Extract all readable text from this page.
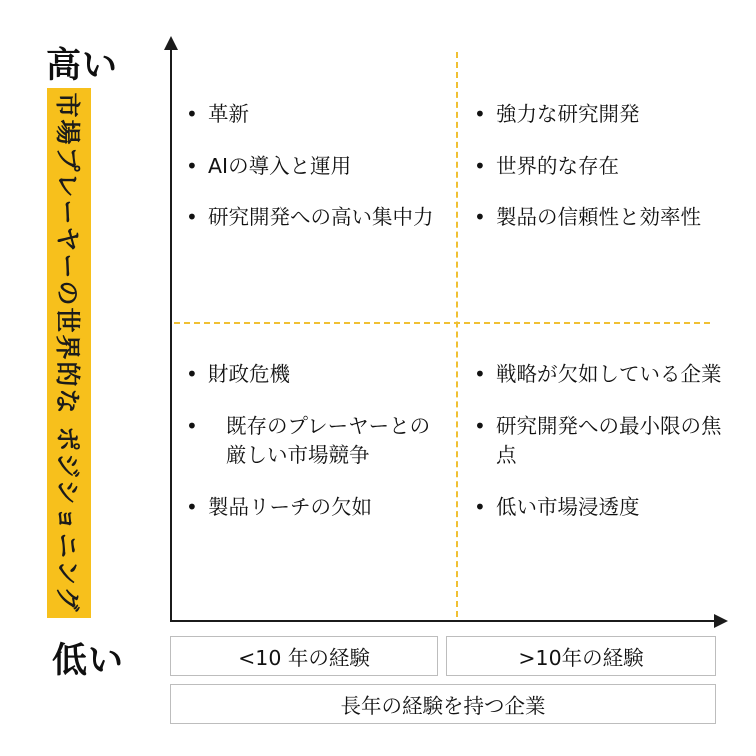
高い
低い
市場プレーヤーの世界的な ポジショニング	• 革新
• AIの導入と運用
• 研究開発への高い集中力
• 強力な研究開発
• 世界的な存在
• 製品の信頼性と効率性
• 財政危機
•	既存のプレーヤーとの厳しい市場競争
• 製品リーチの欠如
• 戦略が欠如している企業
• 研究開発への最小限の焦点
• 低い市場浸透度
<10 年の経験	>10年の経験
長年の経験を持つ企業
